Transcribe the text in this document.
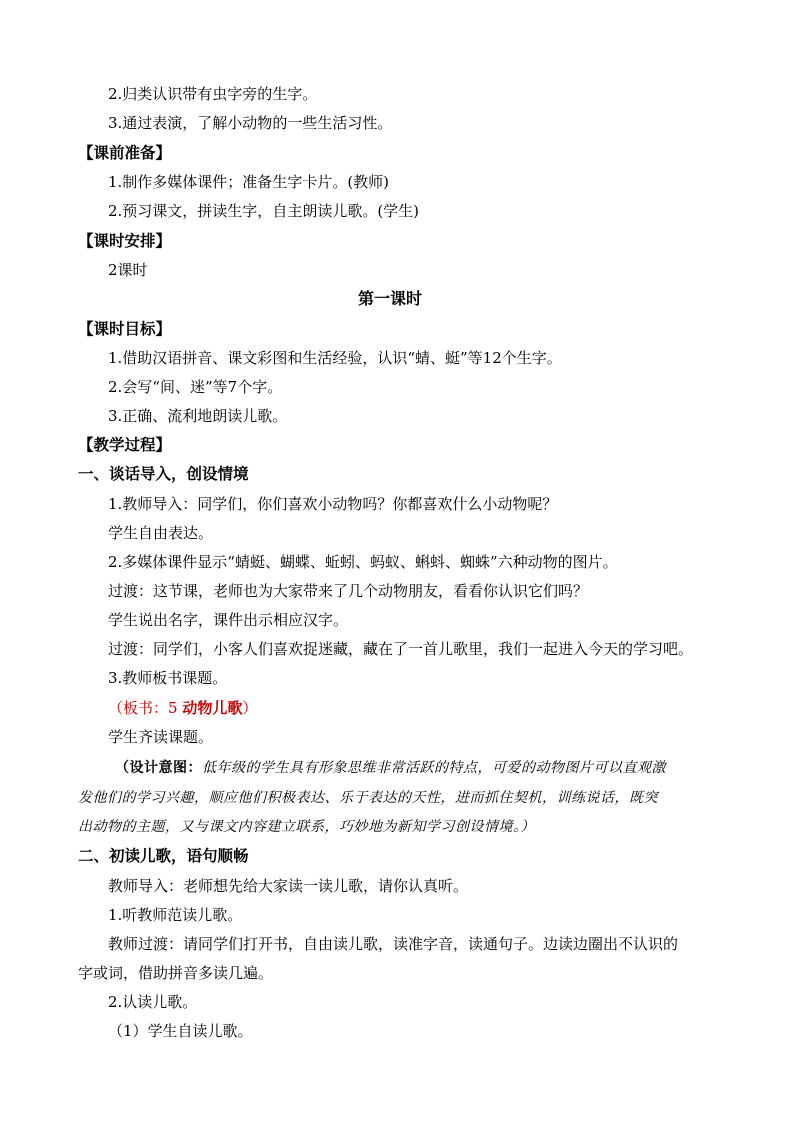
2.归类认识带有虫字旁的生字。
3.通过表演，了解小动物的一些生活习性。
【课前准备】
1.制作多媒体课件；准备生字卡片。(教师)
2.预习课文，拼读生字，自主朗读儿歌。(学生)
【课时安排】
2课时
第一课时
【课时目标】
1.借助汉语拼音、课文彩图和生活经验，认识“蜻、蜓”等12个生字。
2.会写“间、迷”等7个字。
3.正确、流利地朗读儿歌。
【教学过程】
一、谈话导入，创设情境
1.教师导入：同学们，你们喜欢小动物吗？你都喜欢什么小动物呢？
学生自由表达。
2.多媒体课件显示“蜻蜓、蝴蝶、蚯蚓、蚂蚁、蝌蚪、蜘蛛”六种动物的图片。
过渡：这节课，老师也为大家带来了几个动物朋友，看看你认识它们吗？
学生说出名字，课件出示相应汉字。
过渡：同学们，小客人们喜欢捉迷藏，藏在了一首儿歌里，我们一起进入今天的学习吧。
3.教师板书课题。
（板书：5 动物儿歌）
学生齐读课题。
（设计意图：低年级的学生具有形象思维非常活跃的特点，可爱的动物图片可以直观激
发他们的学习兴趣，顺应他们积极表达、乐于表达的天性，进而抓住契机，训练说话，既突
出动物的主题，又与课文内容建立联系，巧妙地为新知学习创设情境。）
二、初读儿歌，语句顺畅
教师导入：老师想先给大家读一读儿歌，请你认真听。
1.听教师范读儿歌。
教师过渡：请同学们打开书，自由读儿歌，读准字音，读通句子。边读边圈出不认识的
字或词，借助拼音多读几遍。
2.认读儿歌。
（1）学生自读儿歌。
